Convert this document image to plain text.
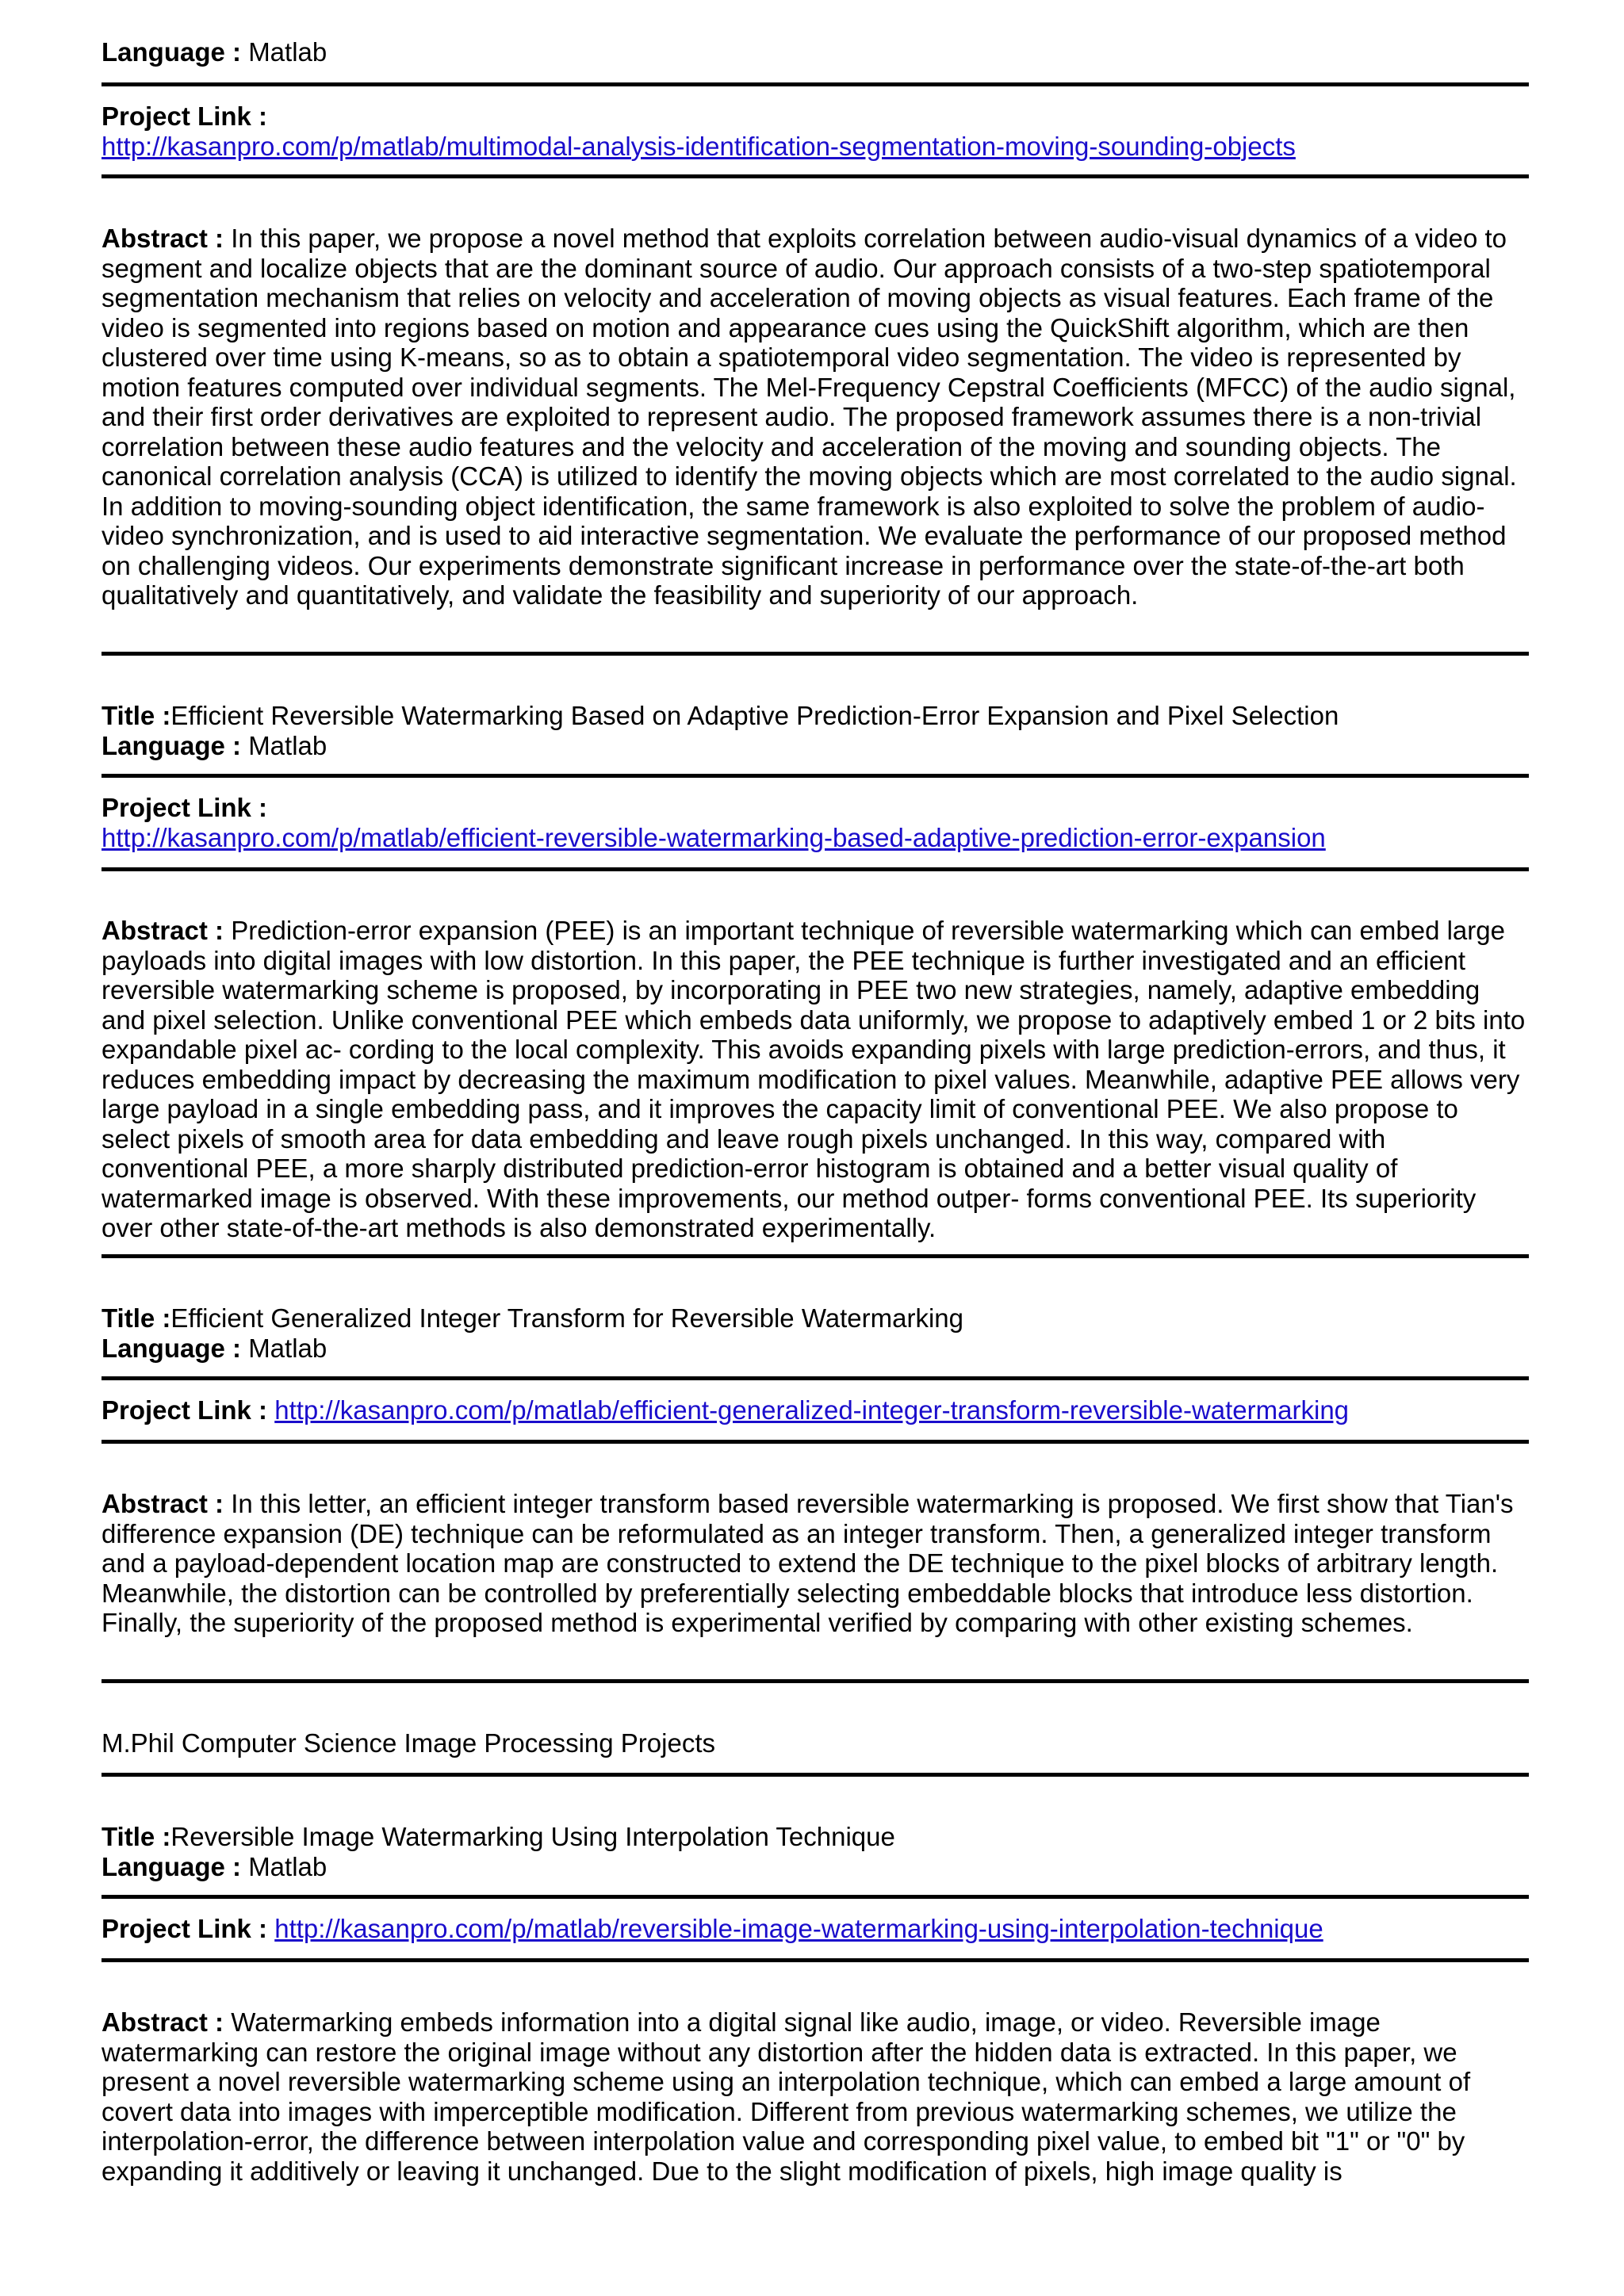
Language : Matlab
Project Link :
http://kasanpro.com/p/matlab/multimodal-analysis-identification-segmentation-moving-sounding-objects
Abstract : In this paper, we propose a novel method that exploits correlation between audio-visual dynamics of a video to segment and localize objects that are the dominant source of audio. Our approach consists of a two-step spatiotemporal segmentation mechanism that relies on velocity and acceleration of moving objects as visual features. Each frame of the video is segmented into regions based on motion and appearance cues using the QuickShift algorithm, which are then clustered over time using K-means, so as to obtain a spatiotemporal video segmentation. The video is represented by motion features computed over individual segments. The Mel-Frequency Cepstral Coefficients (MFCC) of the audio signal, and their first order derivatives are exploited to represent audio. The proposed framework assumes there is a non-trivial correlation between these audio features and the velocity and acceleration of the moving and sounding objects. The canonical correlation analysis (CCA) is utilized to identify the moving objects which are most correlated to the audio signal. In addition to moving-sounding object identification, the same framework is also exploited to solve the problem of audio-video synchronization, and is used to aid interactive segmentation. We evaluate the performance of our proposed method on challenging videos. Our experiments demonstrate significant increase in performance over the state-of-the-art both qualitatively and quantitatively, and validate the feasibility and superiority of our approach.
Title :Efficient Reversible Watermarking Based on Adaptive Prediction-Error Expansion and Pixel Selection
Language : Matlab
Project Link :
http://kasanpro.com/p/matlab/efficient-reversible-watermarking-based-adaptive-prediction-error-expansion
Abstract : Prediction-error expansion (PEE) is an important technique of reversible watermarking which can embed large payloads into digital images with low distortion. In this paper, the PEE technique is further investigated and an efficient reversible watermarking scheme is proposed, by incorporating in PEE two new strategies, namely, adaptive embedding and pixel selection. Unlike conventional PEE which embeds data uniformly, we propose to adaptively embed 1 or 2 bits into expandable pixel ac- cording to the local complexity. This avoids expanding pixels with large prediction-errors, and thus, it reduces embedding impact by decreasing the maximum modification to pixel values. Meanwhile, adaptive PEE allows very large payload in a single embedding pass, and it improves the capacity limit of conventional PEE. We also propose to select pixels of smooth area for data embedding and leave rough pixels unchanged. In this way, compared with conventional PEE, a more sharply distributed prediction-error histogram is obtained and a better visual quality of watermarked image is observed. With these improvements, our method outper- forms conventional PEE. Its superiority over other state-of-the-art methods is also demonstrated experimentally.
Title :Efficient Generalized Integer Transform for Reversible Watermarking
Language : Matlab
Project Link : http://kasanpro.com/p/matlab/efficient-generalized-integer-transform-reversible-watermarking
Abstract : In this letter, an efficient integer transform based reversible watermarking is proposed. We first show that Tian's difference expansion (DE) technique can be reformulated as an integer transform. Then, a generalized integer transform and a payload-dependent location map are constructed to extend the DE technique to the pixel blocks of arbitrary length. Meanwhile, the distortion can be controlled by preferentially selecting embeddable blocks that introduce less distortion. Finally, the superiority of the proposed method is experimental verified by comparing with other existing schemes.
M.Phil Computer Science Image Processing Projects
Title :Reversible Image Watermarking Using Interpolation Technique
Language : Matlab
Project Link : http://kasanpro.com/p/matlab/reversible-image-watermarking-using-interpolation-technique
Abstract : Watermarking embeds information into a digital signal like audio, image, or video. Reversible image watermarking can restore the original image without any distortion after the hidden data is extracted. In this paper, we present a novel reversible watermarking scheme using an interpolation technique, which can embed a large amount of covert data into images with imperceptible modification. Different from previous watermarking schemes, we utilize the interpolation-error, the difference between interpolation value and corresponding pixel value, to embed bit "1" or "0" by expanding it additively or leaving it unchanged. Due to the slight modification of pixels, high image quality is
